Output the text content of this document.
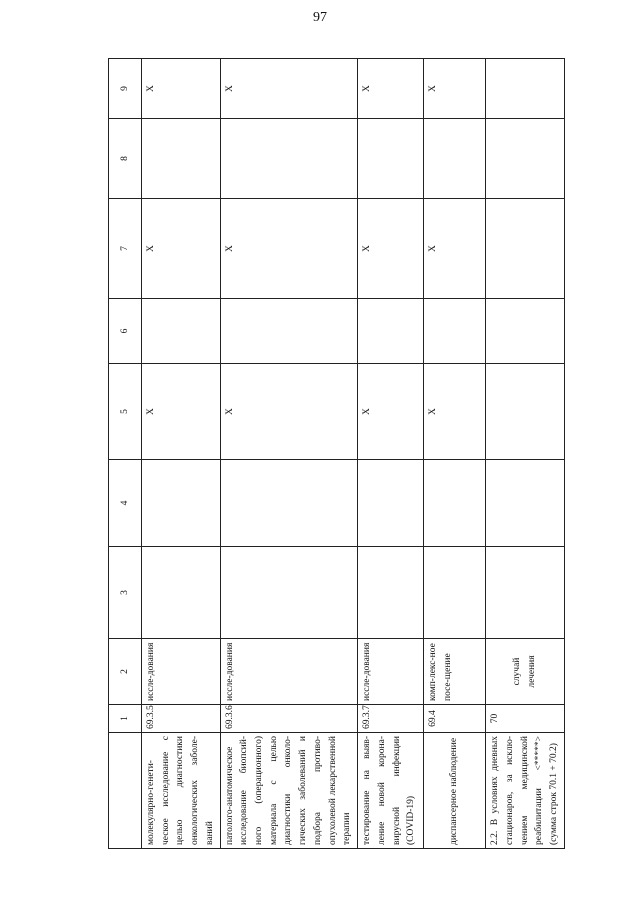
97
	1	2	3	4	5	6	7	8	9
молекулярно-генети-ческое исследование с целью диагностики онкологических заболе-ваний	69.3.5	иссле-дования			X		X		X
патолого-анатомическое исследование биопсий-ного (операционного) материала с целью диагностики онколо-гических заболеваний и подбора противо-опухолевой лекарственной терапии	69.3.6	иссле-дования			X		X		X
тестирование на выяв-ление новой корона-вирусной инфекции (COVID-19)	69.3.7	иссле-дования			X		X		X
диспансерное наблюдение	69.4	комп-лекс-ное посе-щение			X		X		X
2.2. В условиях дневных стационаров, за исклю-чением медицинской реабилитации <*****> (сумма строк 70.1 + 70.2)	70	случай лечения							
